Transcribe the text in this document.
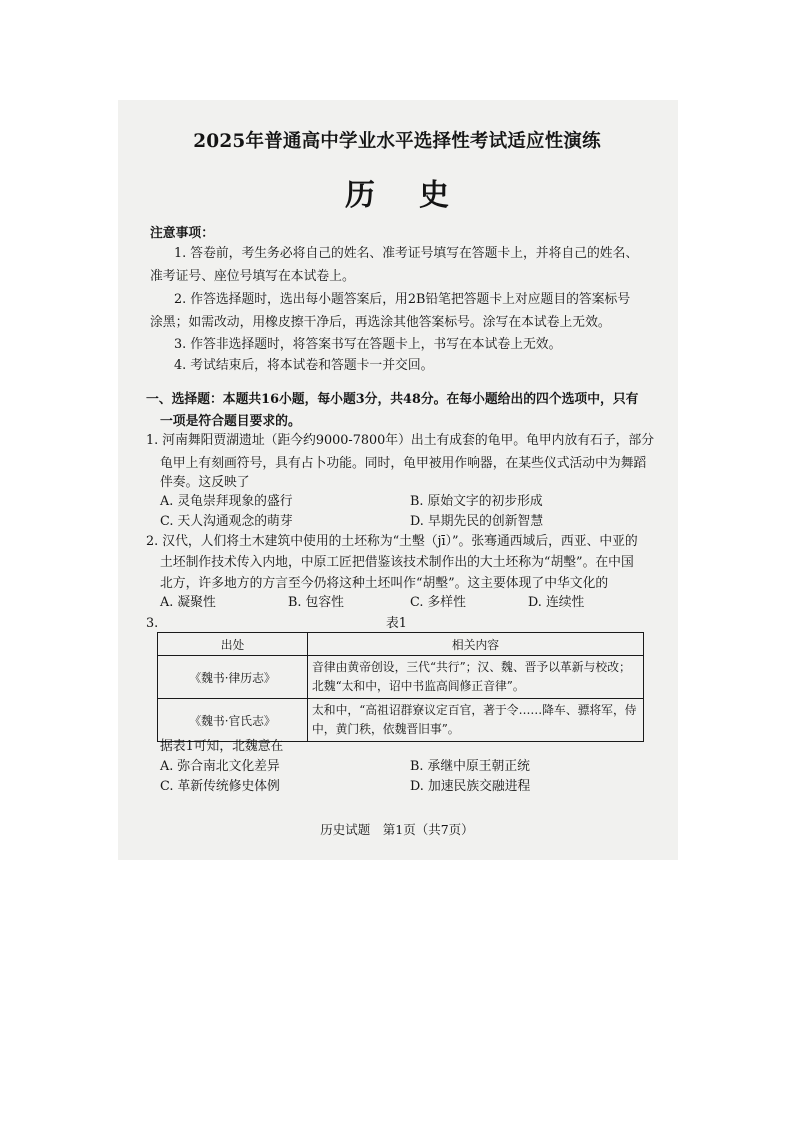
2025年普通高中学业水平选择性考试适应性演练
历史
注意事项：
1. 答卷前，考生务必将自己的姓名、准考证号填写在答题卡上，并将自己的姓名、
准考证号、座位号填写在本试卷上。
2. 作答选择题时，选出每小题答案后，用2B铅笔把答题卡上对应题目的答案标号
涂黑；如需改动，用橡皮擦干净后，再选涂其他答案标号。涂写在本试卷上无效。
3. 作答非选择题时，将答案书写在答题卡上，书写在本试卷上无效。
4. 考试结束后，将本试卷和答题卡一并交回。
一、选择题：本题共16小题，每小题3分，共48分。在每小题给出的四个选项中，只有
一项是符合题目要求的。
1. 河南舞阳贾湖遗址（距今约9000-7800年）出土有成套的龟甲。龟甲内放有石子，部分
龟甲上有刻画符号，具有占卜功能。同时，龟甲被用作响器，在某些仪式活动中为舞蹈
伴奏。这反映了
A. 灵龟崇拜现象的盛行	B. 原始文字的初步形成
C. 天人沟通观念的萌芽	D. 早期先民的创新智慧
2. 汉代，人们将土木建筑中使用的土坯称为“土墼（jī）”。张骞通西域后，西亚、中亚的
土坯制作技术传入内地，中原工匠把借鉴该技术制作出的大土坯称为“胡墼”。在中国
北方，许多地方的方言至今仍将这种土坯叫作“胡墼”。这主要体现了中华文化的
A. 凝聚性	B. 包容性	C. 多样性	D. 连续性
3.	表1
出处	相关内容
《魏书·律历志》	音律由黄帝创设，三代“共行”；汉、魏、晋予以革新与校改；北魏“太和中，诏中书监高闾修正音律”。
《魏书·官氏志》	太和中，“高祖诏群寮议定百官，著于令……降车、骠将军，侍中，黄门秩，依魏晋旧事”。
据表1可知，北魏意在
A. 弥合南北文化差异	B. 承继中原王朝正统
C. 革新传统修史体例	D. 加速民族交融进程
历史试题　第1页（共7页）
